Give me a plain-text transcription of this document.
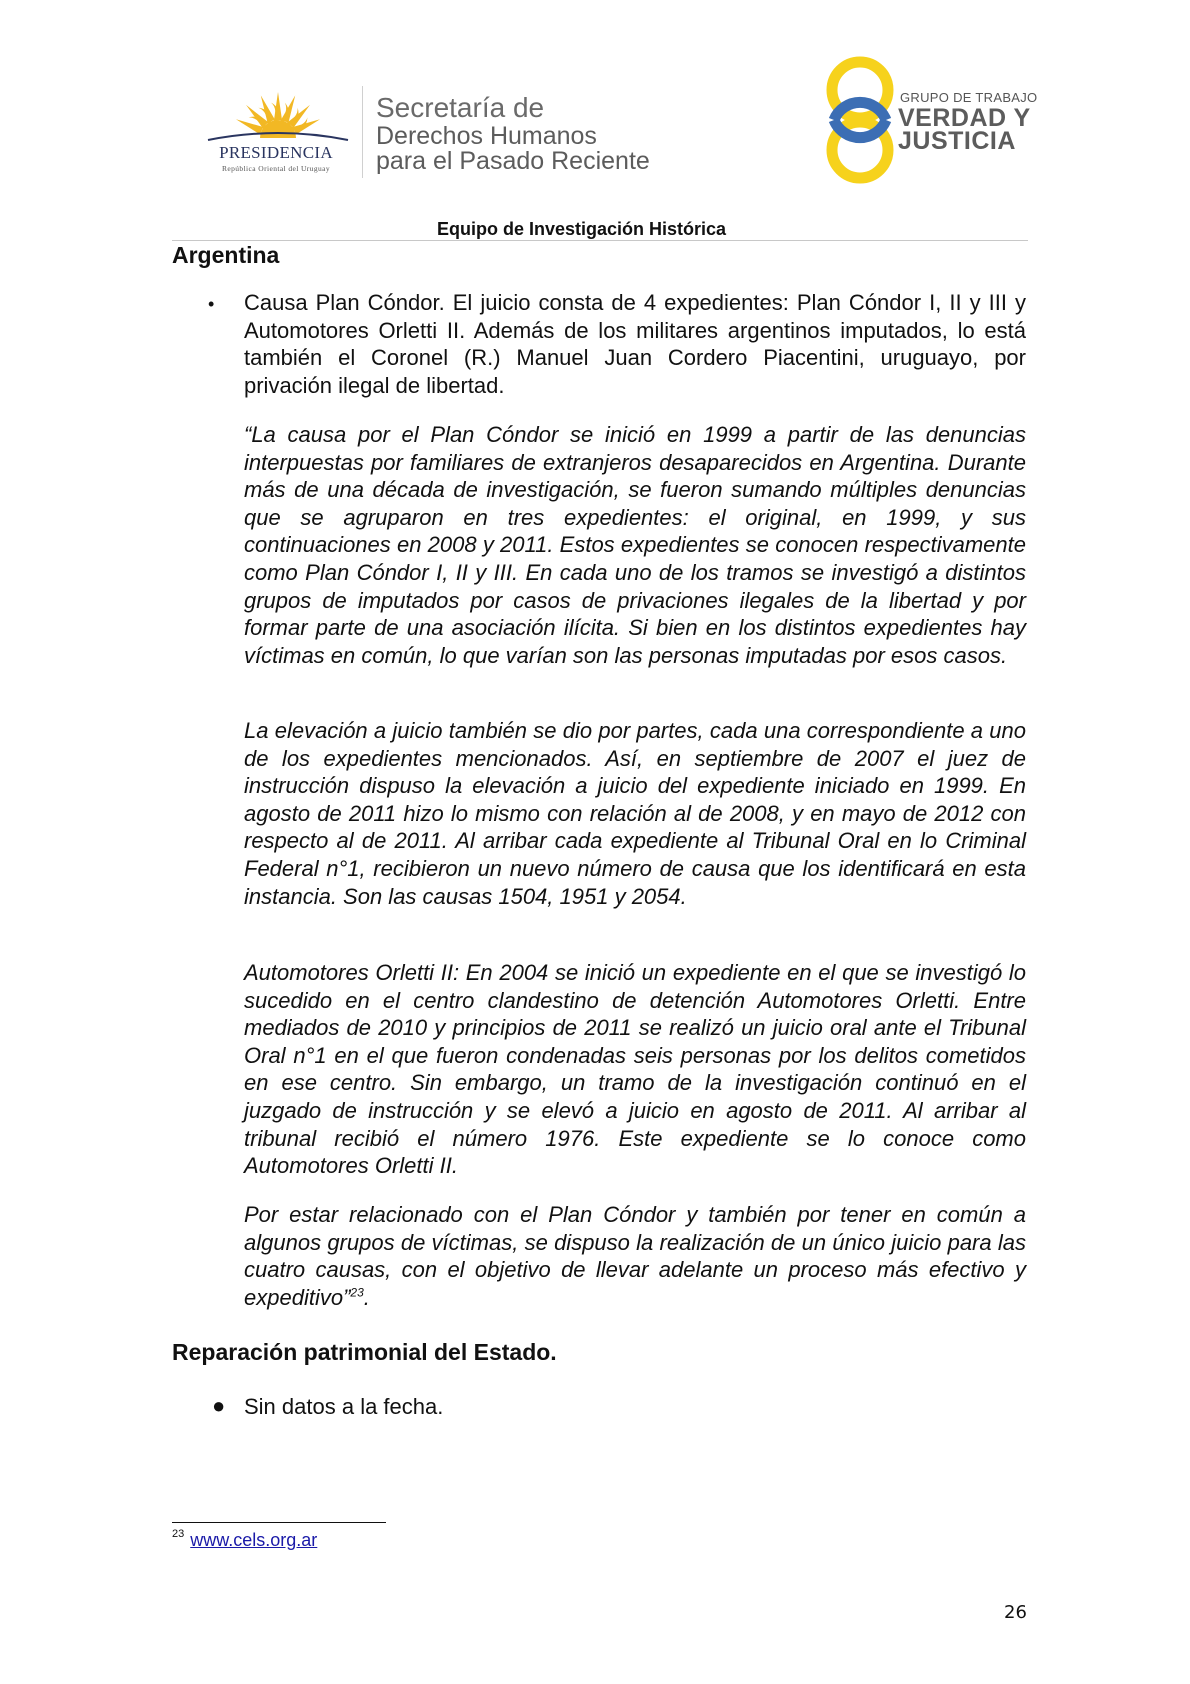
PRESIDENCIA
República Oriental del Uruguay
Secretaría de
Derechos Humanos
para el Pasado Reciente
GRUPO DE TRABAJO
VERDAD Y
JUSTICIA
Equipo de Investigación Histórica
Argentina
• Causa Plan Cóndor. El juicio consta de 4 expedientes: Plan Cóndor I, II y III y Automotores Orletti II. Además de los militares argentinos imputados, lo está también el Coronel (R.) Manuel Juan Cordero Piacentini, uruguayo, por privación ilegal de libertad.
“La causa por el Plan Cóndor se inició en 1999 a partir de las denuncias interpuestas por familiares de extranjeros desaparecidos en Argentina. Durante más de una década de investigación, se fueron sumando múltiples denuncias que se agruparon en tres expedientes: el original, en 1999, y sus continuaciones en 2008 y 2011. Estos expedientes se conocen respectivamente como Plan Cóndor I, II y III. En cada uno de los tramos se investigó a distintos grupos de imputados por casos de privaciones ilegales de la libertad y por formar parte de una asociación ilícita. Si bien en los distintos expedientes hay víctimas en común, lo que varían son las personas imputadas por esos casos.
La elevación a juicio también se dio por partes, cada una correspondiente a uno de los expedientes mencionados. Así, en septiembre de 2007 el juez de instrucción dispuso la elevación a juicio del expediente iniciado en 1999. En agosto de 2011 hizo lo mismo con relación al de 2008, y en mayo de 2012 con respecto al de 2011. Al arribar cada expediente al Tribunal Oral en lo Criminal Federal n°1, recibieron un nuevo número de causa que los identificará en esta instancia. Son las causas 1504, 1951 y 2054.
Automotores Orletti II: En 2004 se inició un expediente en el que se investigó lo sucedido en el centro clandestino de detención Automotores Orletti. Entre mediados de 2010 y principios de 2011 se realizó un juicio oral ante el Tribunal Oral n°1 en el que fueron condenadas seis personas por los delitos cometidos en ese centro. Sin embargo, un tramo de la investigación continuó en el juzgado de instrucción y se elevó a juicio en agosto de 2011. Al arribar al tribunal recibió el número 1976. Este expediente se lo conoce como Automotores Orletti II.
Por estar relacionado con el Plan Cóndor y también por tener en común a algunos grupos de víctimas, se dispuso la realización de un único juicio para las cuatro causas, con el objetivo de llevar adelante un proceso más efectivo y expeditivo”$^{23}$.
Reparación patrimonial del Estado.
● Sin datos a la fecha.
$^{23}$ www.cels.org.ar
26
